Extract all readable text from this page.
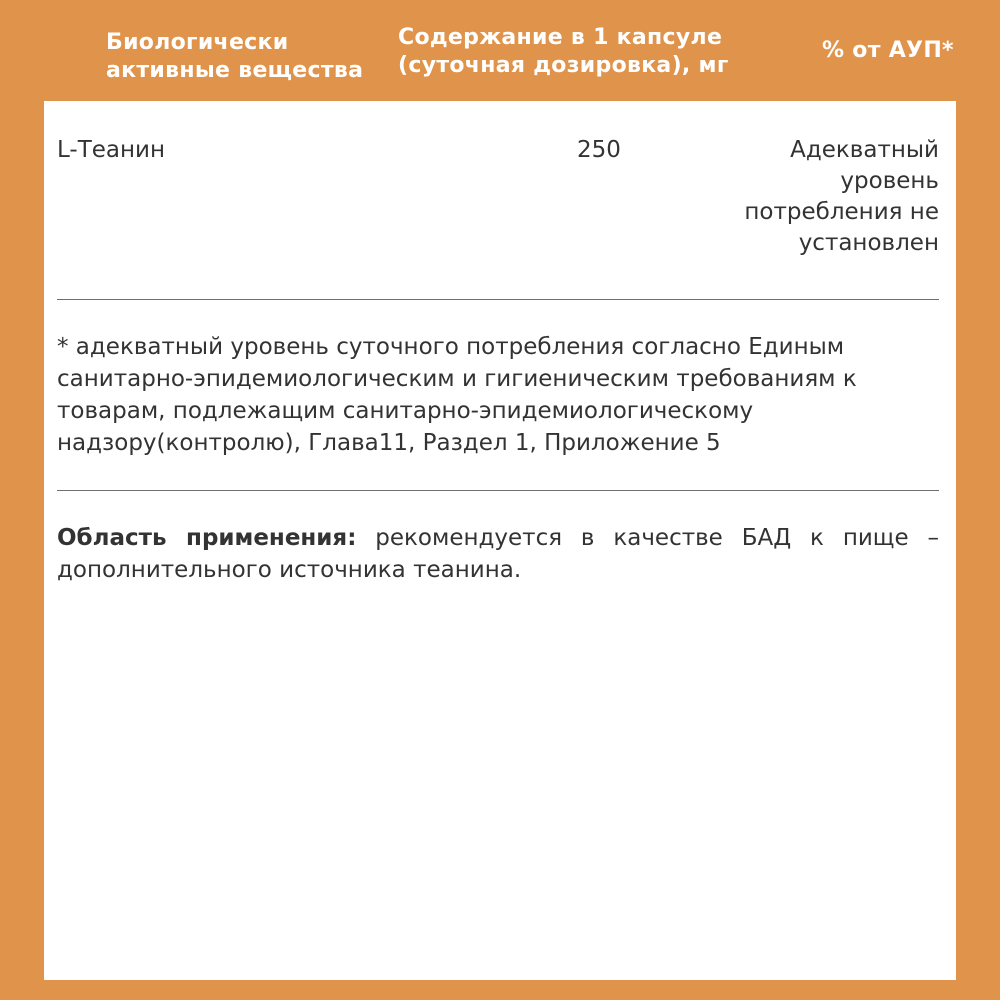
Биологически активные вещества
Содержание в 1 капсуле (суточная дозировка), мг
% от АУП*
L-Теанин	250	Адекватный уровень потребления не установлен
* адекватный уровень суточного потребления согласно Единым санитарно-эпидемиологическим и гигиеническим требованиям к товарам, подлежащим санитарно-эпидемиологическому надзору(контролю), Глава11, Раздел 1, Приложение 5
Область применения: рекомендуется в качестве БАД к пище – дополнительного источника теанина.
